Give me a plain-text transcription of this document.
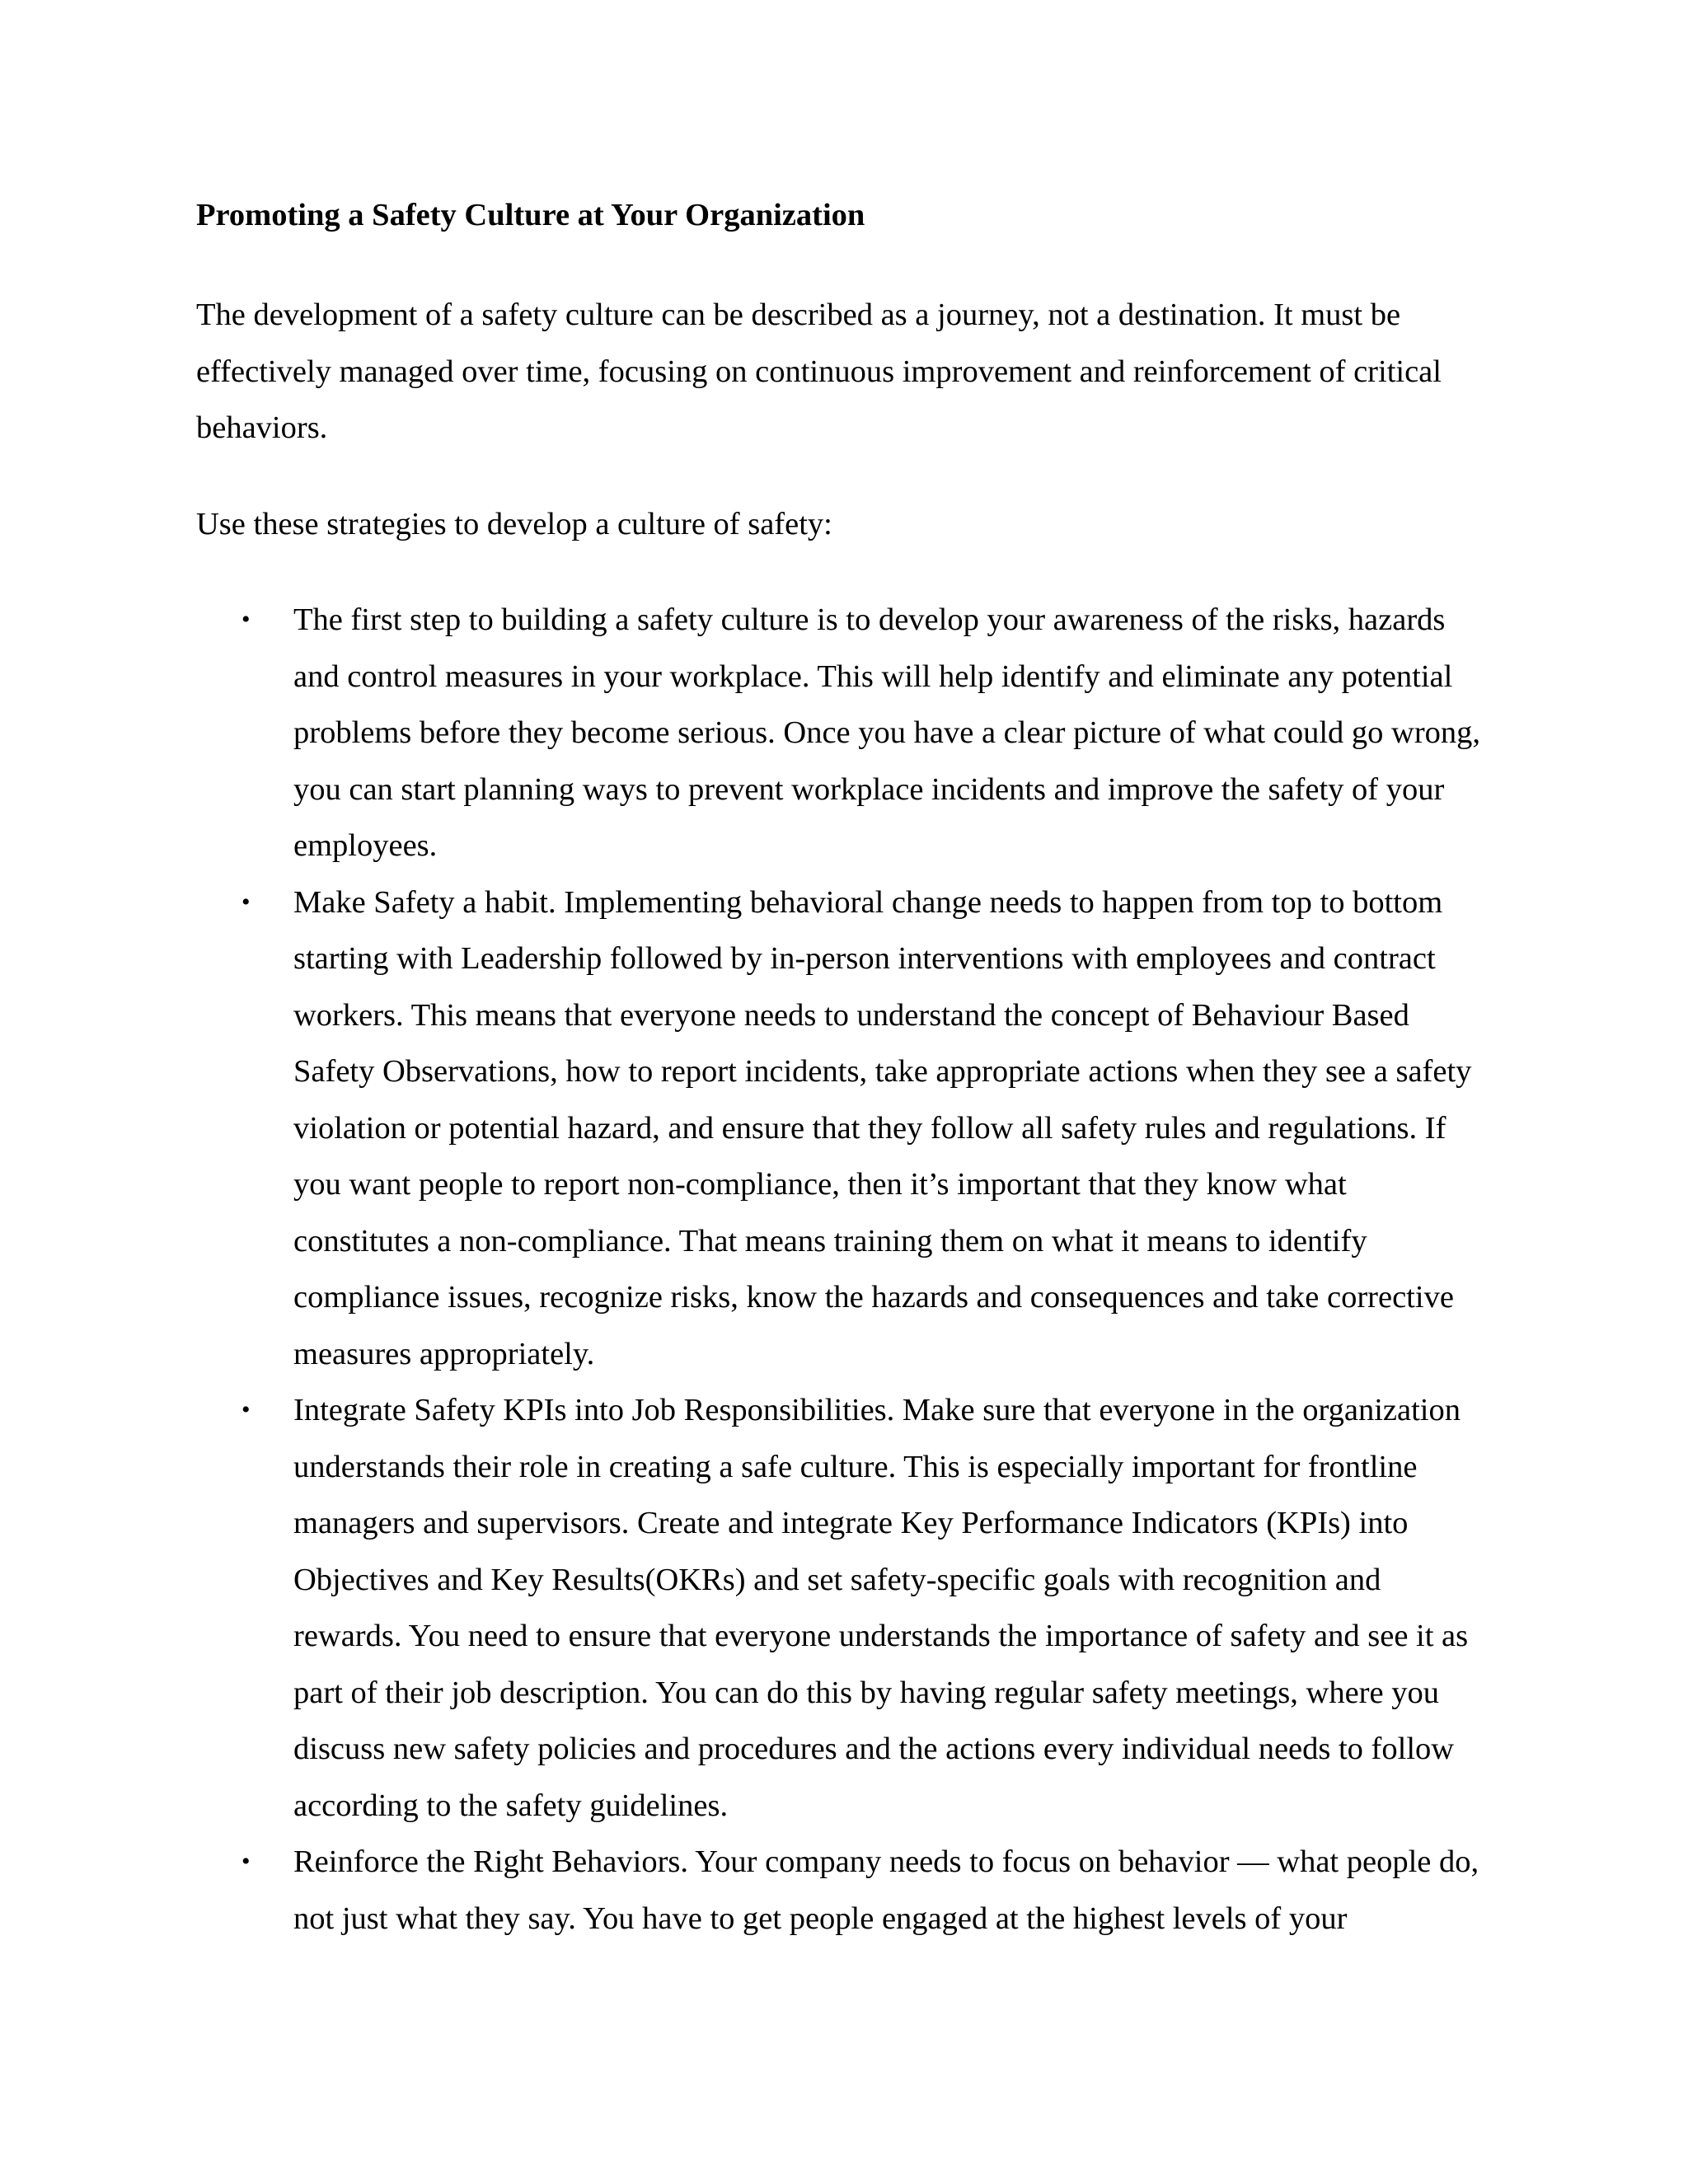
Promoting a Safety Culture at Your Organization

The development of a safety culture can be described as a journey, not a destination. It must be effectively managed over time, focusing on continuous improvement and reinforcement of critical behaviors.

Use these strategies to develop a culture of safety:

• The first step to building a safety culture is to develop your awareness of the risks, hazards and control measures in your workplace. This will help identify and eliminate any potential problems before they become serious. Once you have a clear picture of what could go wrong, you can start planning ways to prevent workplace incidents and improve the safety of your employees.
• Make Safety a habit. Implementing behavioral change needs to happen from top to bottom starting with Leadership followed by in-person interventions with employees and contract workers. This means that everyone needs to understand the concept of Behaviour Based Safety Observations, how to report incidents, take appropriate actions when they see a safety violation or potential hazard, and ensure that they follow all safety rules and regulations. If you want people to report non-compliance, then it’s important that they know what constitutes a non-compliance. That means training them on what it means to identify compliance issues, recognize risks, know the hazards and consequences and take corrective measures appropriately.
• Integrate Safety KPIs into Job Responsibilities. Make sure that everyone in the organization understands their role in creating a safe culture. This is especially important for frontline managers and supervisors. Create and integrate Key Performance Indicators (KPIs) into Objectives and Key Results(OKRs) and set safety-specific goals with recognition and rewards. You need to ensure that everyone understands the importance of safety and see it as part of their job description. You can do this by having regular safety meetings, where you discuss new safety policies and procedures and the actions every individual needs to follow according to the safety guidelines.
• Reinforce the Right Behaviors. Your company needs to focus on behavior — what people do, not just what they say. You have to get people engaged at the highest levels of your
